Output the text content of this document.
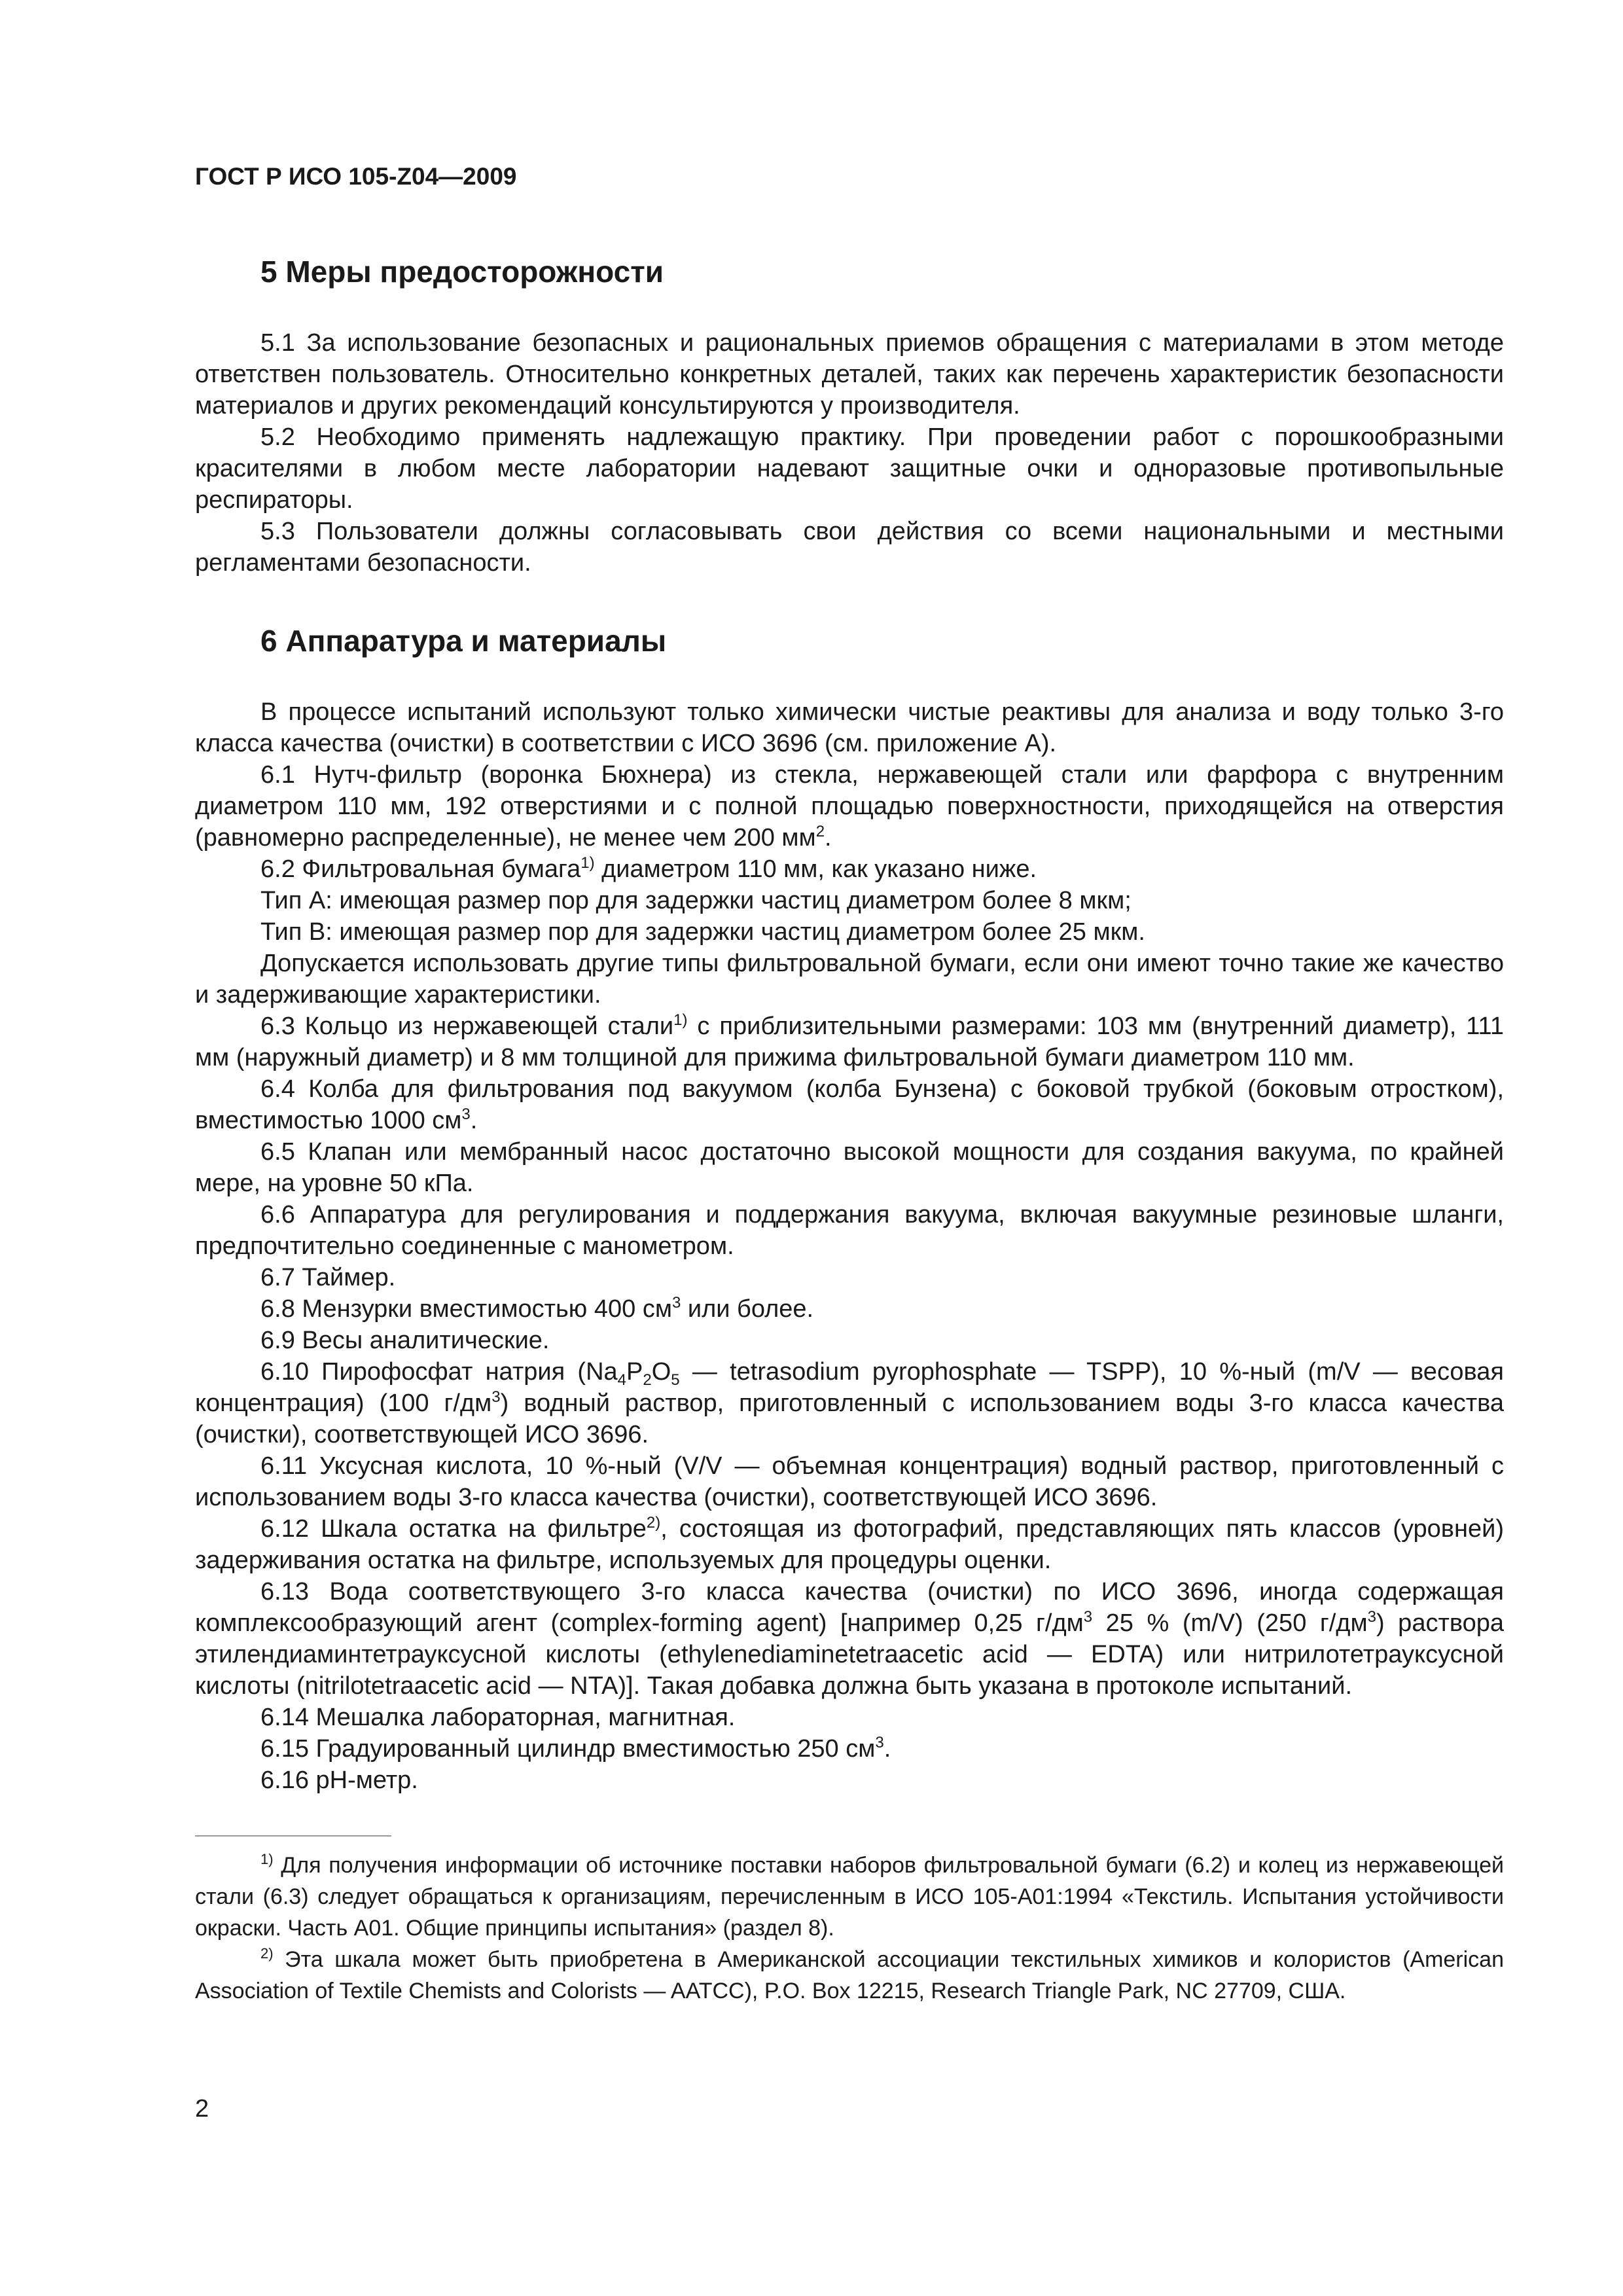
ГОСТ Р ИСО 105-Z04—2009

5 Меры предосторожности

5.1 За использование безопасных и рациональных приемов обращения с материалами в этом методе ответствен пользователь. Относительно конкретных деталей, таких как перечень характеристик безопасности материалов и других рекомендаций консультируются у производителя.

5.2 Необходимо применять надлежащую практику. При проведении работ с порошкообразными красителями в любом месте лаборатории надевают защитные очки и одноразовые противопыльные респираторы.

5.3 Пользователи должны согласовывать свои действия со всеми национальными и местными регламентами безопасности.

6 Аппаратура и материалы

В процессе испытаний используют только химически чистые реактивы для анализа и воду только 3-го класса качества (очистки) в соответствии с ИСО 3696 (см. приложение А).

6.1 Нутч-фильтр (воронка Бюхнера) из стекла, нержавеющей стали или фарфора с внутренним диаметром 110 мм, 192 отверстиями и с полной площадью поверхностности, приходящейся на отверстия (равномерно распределенные), не менее чем 200 $мм^2$.

6.2 Фильтровальная бумага$^{1)}$ диаметром 110 мм, как указано ниже.

Тип А: имеющая размер пор для задержки частиц диаметром более 8 мкм;

Тип В: имеющая размер пор для задержки частиц диаметром более 25 мкм.

Допускается использовать другие типы фильтровальной бумаги, если они имеют точно такие же качество и задерживающие характеристики.

6.3 Кольцо из нержавеющей стали$^{1)}$ с приблизительными размерами: 103 мм (внутренний диаметр), 111 мм (наружный диаметр) и 8 мм толщиной для прижима фильтровальной бумаги диаметром 110 мм.

6.4 Колба для фильтрования под вакуумом (колба Бунзена) с боковой трубкой (боковым отростком), вместимостью 1000 $см^3$.

6.5 Клапан или мембранный насос достаточно высокой мощности для создания вакуума, по крайней мере, на уровне 50 кПа.

6.6 Аппаратура для регулирования и поддержания вакуума, включая вакуумные резиновые шланги, предпочтительно соединенные с манометром.

6.7 Таймер.

6.8 Мензурки вместимостью 400 $см^3$ или более.

6.9 Весы аналитические.

6.10 Пирофосфат натрия ($Na_4P_2O_5$ — tetrasodium pyrophosphate — TSPP), 10 %-ный (m/V — весовая концентрация) (100 $г/дм^3$) водный раствор, приготовленный с использованием воды 3-го класса качества (очистки), соответствующей ИСО 3696.

6.11 Уксусная кислота, 10 %-ный (V/V — объемная концентрация) водный раствор, приготовленный с использованием воды 3-го класса качества (очистки), соответствующей ИСО 3696.

6.12 Шкала остатка на фильтре$^{2)}$, состоящая из фотографий, представляющих пять классов (уровней) задерживания остатка на фильтре, используемых для процедуры оценки.

6.13 Вода соответствующего 3-го класса качества (очистки) по ИСО 3696, иногда содержащая комплексообразующий агент (complex-forming agent) [например 0,25 $г/дм^3$ 25 % (m/V) (250 $г/дм^3$) раствора этилендиаминтетрауксусной кислоты (ethylenediaminetetraacetic acid — EDTA) или нитрилотетрауксусной кислоты (nitrilotetraacetic acid — NTA)]. Такая добавка должна быть указана в протоколе испытаний.

6.14 Мешалка лабораторная, магнитная.

6.15 Градуированный цилиндр вместимостью 250 $см^3$.

6.16 рН-метр.

$^{1)}$ Для получения информации об источнике поставки наборов фильтровальной бумаги (6.2) и колец из нержавеющей стали (6.3) следует обращаться к организациям, перечисленным в ИСО 105-А01:1994 «Текстиль. Испытания устойчивости окраски. Часть А01. Общие принципы испытания» (раздел 8).

$^{2)}$ Эта шкала может быть приобретена в Американской ассоциации текстильных химиков и колористов (American Association of Textile Chemists and Colorists — AATCC), P.O. Box 12215, Research Triangle Park, NC 27709, США.

2
